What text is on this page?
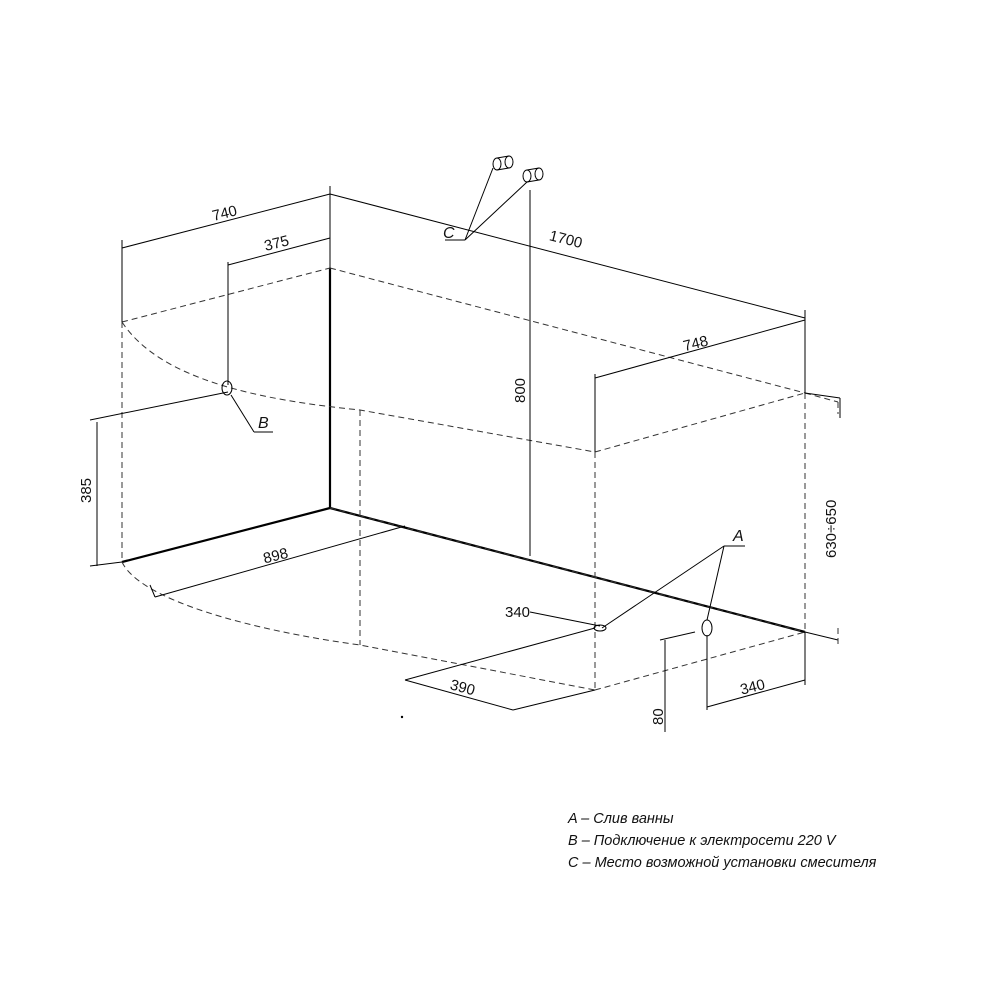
740
375	1700
748
800
385
630÷650
898
340
390
80
340
B
C
A
A – Слив ванны
B – Подключение к электросети 220 V
C – Место возможной установки смесителя
